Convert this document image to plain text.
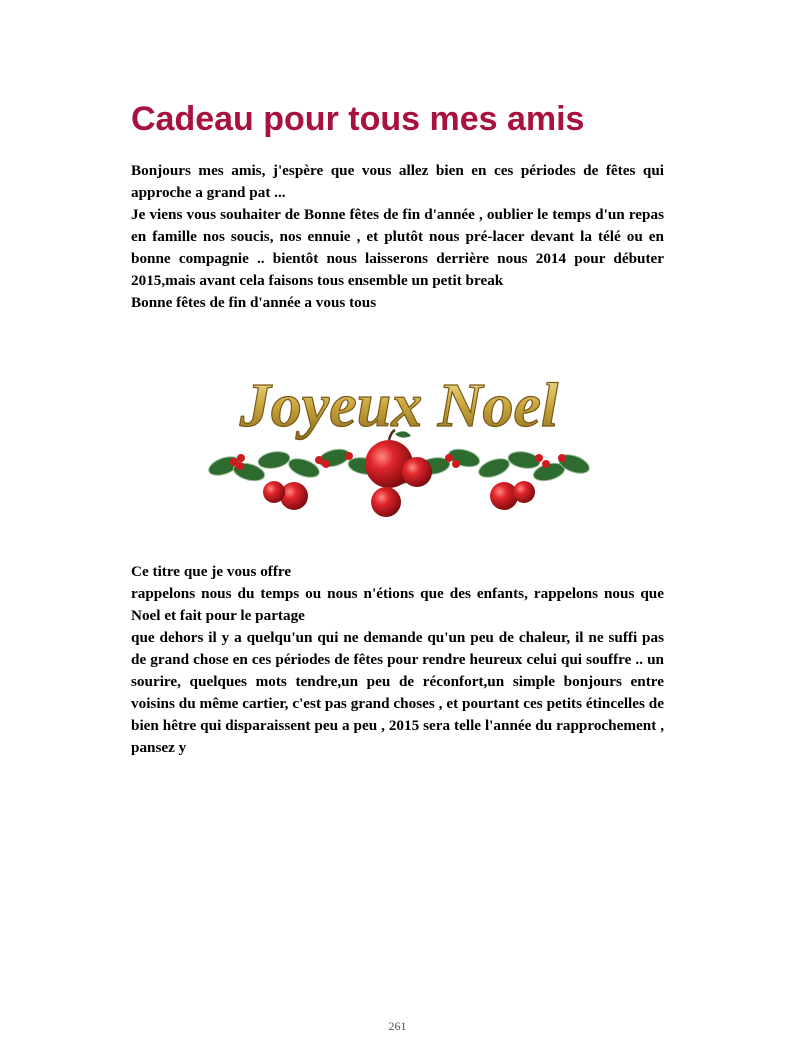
Cadeau pour tous mes amis

Bonjours mes amis, j'espère que vous allez bien en ces périodes de fêtes qui approche a grand pat ...

Je viens vous souhaiter de Bonne fêtes de fin d'année , oublier le temps d'un repas en famille nos soucis, nos ennuie , et plutôt nous pré-lacer devant la télé ou en bonne compagnie .. bientôt nous laisserons derrière nous 2014 pour débuter 2015,mais avant cela faisons tous ensemble un petit break

Bonne fêtes de fin d'année a vous tous

Joyeux Noel

Ce titre que je vous offre

rappelons nous du temps ou nous n'étions que des enfants, rappelons nous que Noel et fait pour le partage

que dehors il y a quelqu'un qui ne demande qu'un peu de chaleur, il ne suffi pas de grand chose en ces périodes de fêtes pour rendre heureux celui qui souffre .. un sourire, quelques mots tendre,un peu de réconfort,un simple bonjours entre voisins du même cartier, c'est pas grand choses , et pourtant ces petits étincelles de bien hêtre qui disparaissent peu a peu , 2015 sera telle l'année du rapprochement , pansez y

261
